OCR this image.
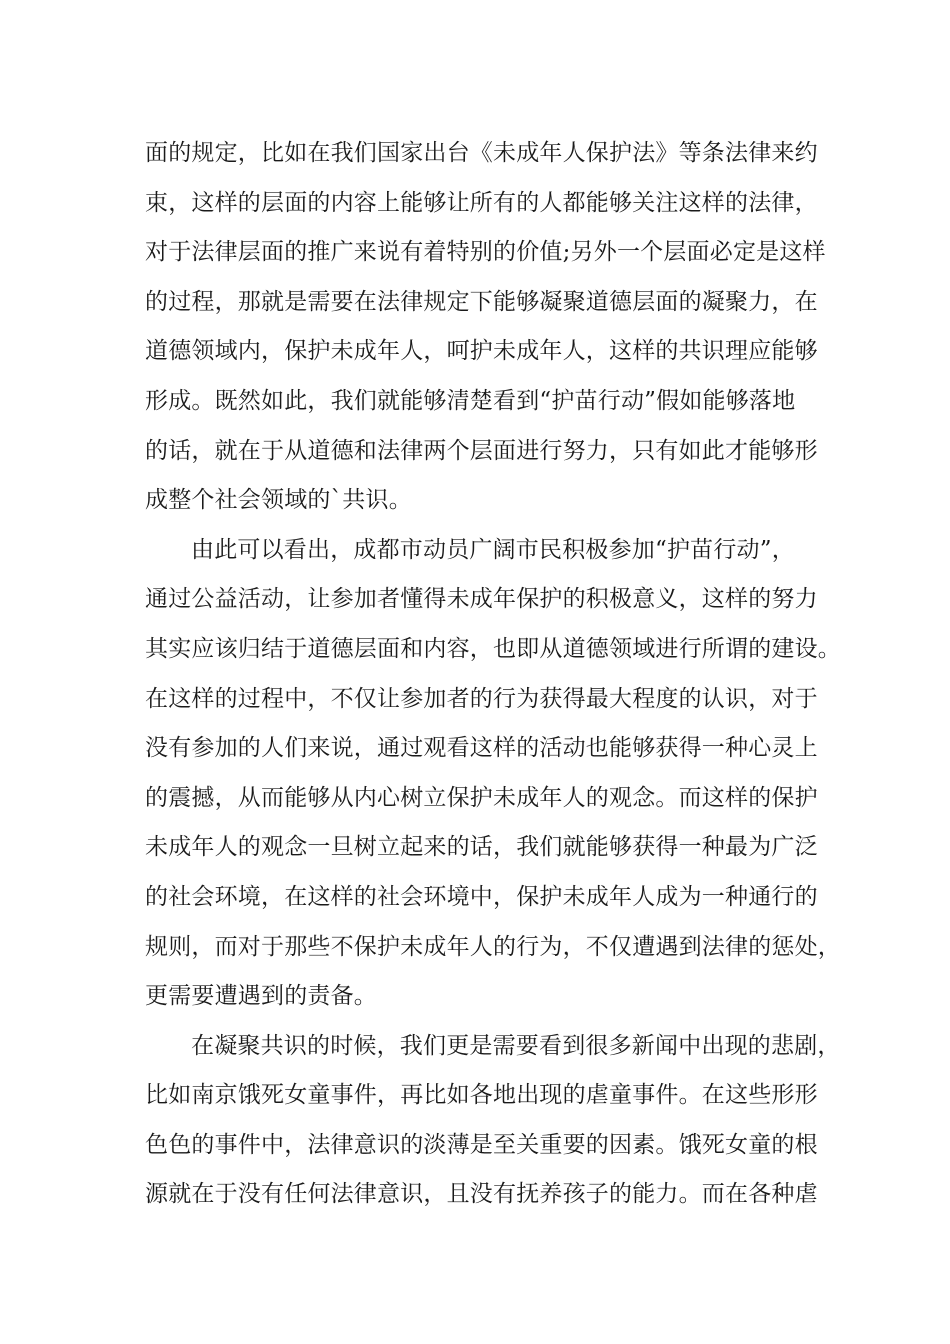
面的规定，比如在我们国家出台《未成年人保护法》等条法律来约
束，这样的层面的内容上能够让所有的人都能够关注这样的法律，
对于法律层面的推广来说有着特别的价值;另外一个层面必定是这样
的过程，那就是需要在法律规定下能够凝聚道德层面的凝聚力，在
道德领域内，保护未成年人，呵护未成年人，这样的共识理应能够
形成。既然如此，我们就能够清楚看到“护苗行动”假如能够落地
的话，就在于从道德和法律两个层面进行努力，只有如此才能够形
成整个社会领域的`共识。
由此可以看出，成都市动员广阔市民积极参加“护苗行动”，
通过公益活动，让参加者懂得未成年保护的积极意义，这样的努力
其实应该归结于道德层面和内容，也即从道德领域进行所谓的建设。
在这样的过程中，不仅让参加者的行为获得最大程度的认识，对于
没有参加的人们来说，通过观看这样的活动也能够获得一种心灵上
的震撼，从而能够从内心树立保护未成年人的观念。而这样的保护
未成年人的观念一旦树立起来的话，我们就能够获得一种最为广泛
的社会环境，在这样的社会环境中，保护未成年人成为一种通行的
规则，而对于那些不保护未成年人的行为，不仅遭遇到法律的惩处，
更需要遭遇到的责备。
在凝聚共识的时候，我们更是需要看到很多新闻中出现的悲剧，
比如南京饿死女童事件，再比如各地出现的虐童事件。在这些形形
色色的事件中，法律意识的淡薄是至关重要的因素。饿死女童的根
源就在于没有任何法律意识，且没有抚养孩子的能力。而在各种虐
